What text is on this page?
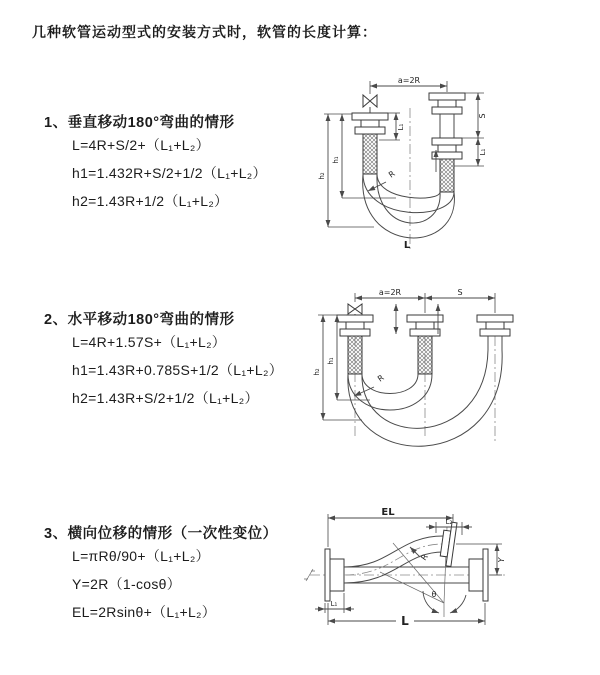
几种软管运动型式的安装方式时，软管的长度计算：
1、垂直移动180°弯曲的情形
L=4R+S/2+（L₁+L₂）
h1=1.432R+S/2+1/2（L₁+L₂）
h2=1.43R+1/2（L₁+L₂）
2、水平移动180°弯曲的情形
L=4R+1.57S+（L₁+L₂）
h1=1.43R+0.785S+1/2（L₁+L₂）
h2=1.43R+S/2+1/2（L₁+L₂）
3、横向位移的情形（一次性变位）
L=πRθ/90+（L₁+L₂）
Y=2R（1-cosθ）
EL=2Rsinθ+（L₁+L₂）
a=2R
L₁
S
L₁
h₁
h₂	R
L
a=2R	S
h₁
h₂
R
θ
EL
L₂
Y
R
L₁
L
